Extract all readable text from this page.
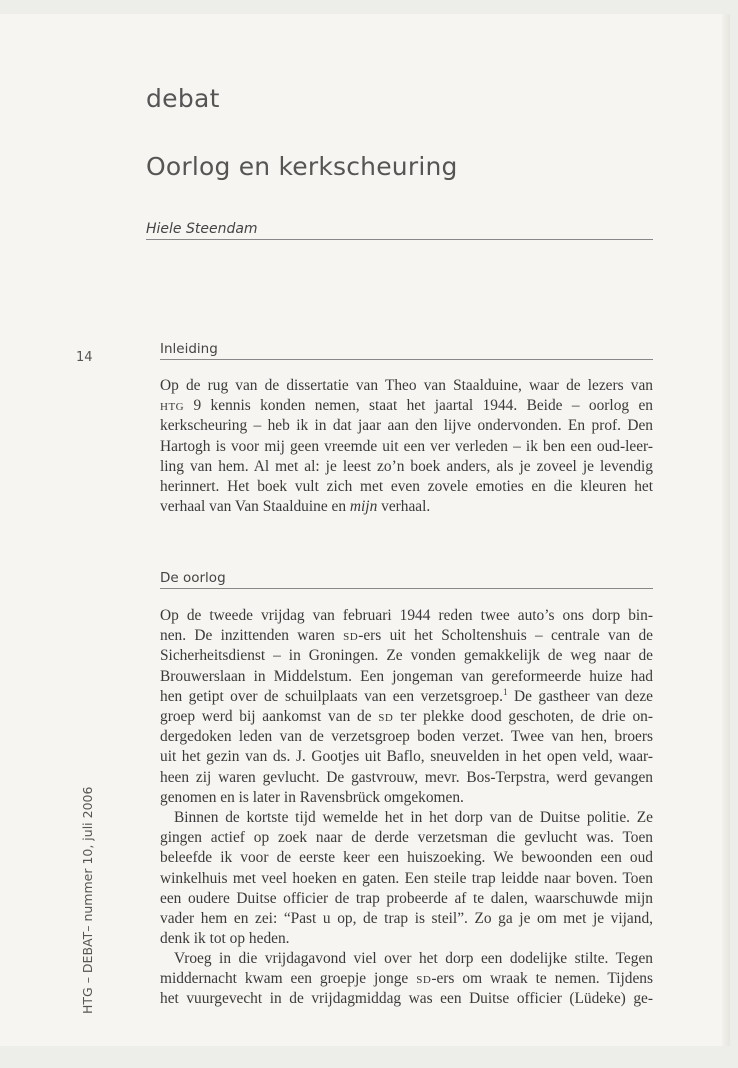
debat
Oorlog en kerkscheuring
Hiele Steendam
14
HTG – DEBAT– nummer 10, juli 2006
Inleiding
Op de rug van de dissertatie van Theo van Staalduine, waar de lezers van
htg 9 kennis konden nemen, staat het jaartal 1944. Beide – oorlog en
kerkscheuring – heb ik in dat jaar aan den lijve ondervonden. En prof. Den
Hartogh is voor mij geen vreemde uit een ver verleden – ik ben een oud-leer-
ling van hem. Al met al: je leest zo’n boek anders, als je zoveel je levendig
herinnert. Het boek vult zich met even zovele emoties en die kleuren het
verhaal van Van Staalduine en mijn verhaal.
De oorlog
Op de tweede vrijdag van februari 1944 reden twee auto’s ons dorp bin-
nen. De inzittenden waren sd-ers uit het Scholtenshuis – centrale van de
Sicherheitsdienst – in Groningen. Ze vonden gemakkelijk de weg naar de
Brouwerslaan in Middelstum. Een jongeman van gereformeerde huize had
hen getipt over de schuilplaats van een verzetsgroep.$^1$ De gastheer van deze
groep werd bij aankomst van de sd ter plekke dood geschoten, de drie on-
dergedoken leden van de verzetsgroep boden verzet. Twee van hen, broers
uit het gezin van ds. J. Gootjes uit Baflo, sneuvelden in het open veld, waar-
heen zij waren gevlucht. De gastvrouw, mevr. Bos-Terpstra, werd gevangen
genomen en is later in Ravensbrück omgekomen.
Binnen de kortste tijd wemelde het in het dorp van de Duitse politie. Ze
gingen actief op zoek naar de derde verzetsman die gevlucht was. Toen
beleefde ik voor de eerste keer een huiszoeking. We bewoonden een oud
winkelhuis met veel hoeken en gaten. Een steile trap leidde naar boven. Toen
een oudere Duitse officier de trap probeerde af te dalen, waarschuwde mijn
vader hem en zei: “Past u op, de trap is steil”. Zo ga je om met je vijand,
denk ik tot op heden.
Vroeg in die vrijdagavond viel over het dorp een dodelijke stilte. Tegen
middernacht kwam een groepje jonge sd-ers om wraak te nemen. Tijdens
het vuurgevecht in de vrijdagmiddag was een Duitse officier (Lüdeke) ge-
